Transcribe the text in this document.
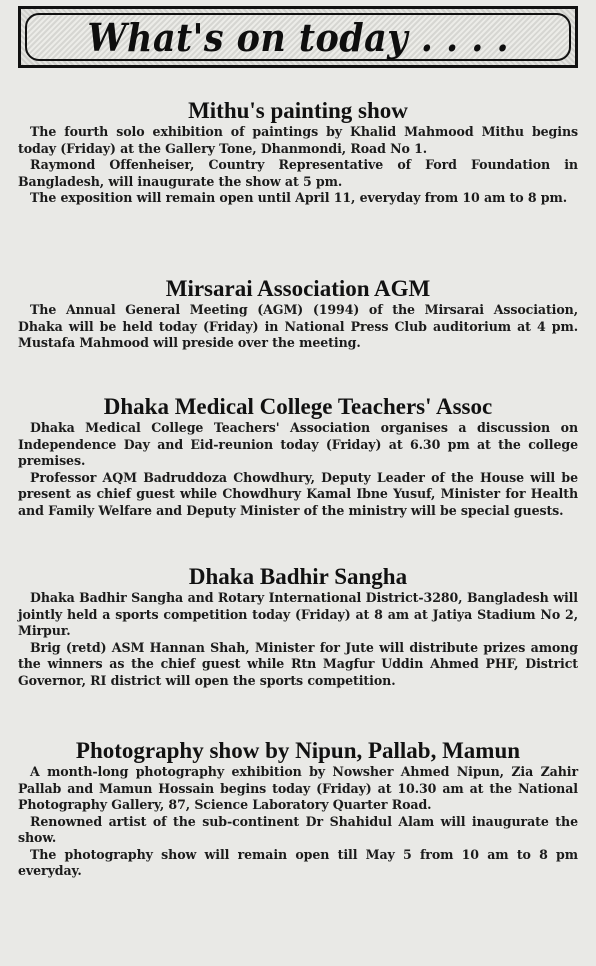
What's on today . . . .
Mithu's painting show

The fourth solo exhibition of paintings by Khalid Mahmood Mithu begins today (Friday) at the Gallery Tone, Dhanmondi, Road No 1.

Raymond Offenheiser, Country Representative of Ford Foundation in Bangladesh, will inaugurate the show at 5 pm.

The exposition will remain open until April 11, everyday from 10 am to 8 pm.

Mirsarai Association AGM

The Annual General Meeting (AGM) (1994) of the Mirsarai Association, Dhaka will be held today (Friday) in National Press Club auditorium at 4 pm. Mustafa Mahmood will preside over the meeting.

Dhaka Medical College Teachers' Assoc

Dhaka Medical College Teachers' Association organises a discussion on Independence Day and Eid-reunion today (Friday) at 6.30 pm at the college premises.

Professor AQM Badruddoza Chowdhury, Deputy Leader of the House will be present as chief guest while Chowdhury Kamal Ibne Yusuf, Minister for Health and Family Welfare and Deputy Minister of the ministry will be special guests.

Dhaka Badhir Sangha

Dhaka Badhir Sangha and Rotary International District-3280, Bangladesh will jointly held a sports competition today (Friday) at 8 am at Jatiya Stadium No 2, Mirpur.

Brig (retd) ASM Hannan Shah, Minister for Jute will distribute prizes among the winners as the chief guest while Rtn Magfur Uddin Ahmed PHF, District Governor, RI district will open the sports competition.

Photography show by Nipun, Pallab, Mamun

A month-long photography exhibition by Nowsher Ahmed Nipun, Zia Zahir Pallab and Mamun Hossain begins today (Friday) at 10.30 am at the National Photography Gallery, 87, Science Laboratory Quarter Road.

Renowned artist of the sub-continent Dr Shahidul Alam will inaugurate the show.

The photography show will remain open till May 5 from 10 am to 8 pm everyday.
